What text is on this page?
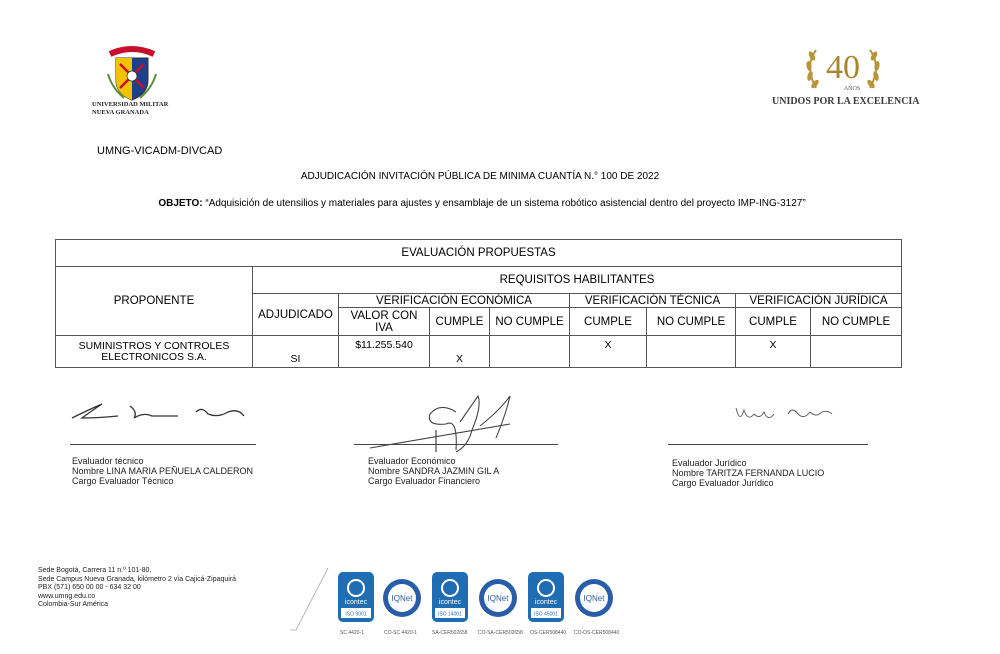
UNIVERSIDAD MILITAR
NUEVA GRANADA
40
AÑOS
UNIDOS POR LA EXCELENCIA
UMNG-VICADM-DIVCAD
ADJUDICACIÓN INVITACIÓN PÚBLICA DE MINIMA CUANTÍA N.° 100 DE 2022
OBJETO: “Adquisición de utensilios y materiales para ajustes y ensamblaje de un sistema robótico asistencial dentro del proyecto IMP-ING-3127”
EVALUACIÓN PROPUESTAS								
PROPONENTE	REQUISITOS HABILITANTES							
	ADJUDICADO	VERIFICACIÓN ECONÓMICA			VERIFICACIÓN TÉCNICA		VERIFICACIÓN JURÍDICA	
		VALOR CON IVA	CUMPLE	NO CUMPLE	CUMPLE	NO CUMPLE	CUMPLE	NO CUMPLE
SUMINISTROS Y CONTROLES ELECTRONICOS S.A.	SI	$11.255.540	X		X		X	
Evaluador técnico
Nombre LINA MARIA PEÑUELA CALDERON
Cargo Evaluador Técnico
Evaluador Económico
Nombre SANDRA JAZMIN GIL A
Cargo Evaluador Financiero
Evaluador Jurídico
Nombre TARITZA FERNANDA LUCIO
Cargo Evaluador Jurídico
Sede Bogotá, Carrera 11 n.º 101-80,
Sede Campus Nueva Granada, kilómetro 2 vía Cajicá-Zipaquirá
PBX (571) 650 00 00 - 634 32 00
www.umng.edu.co
Colombia-Sur América	icontec
ISO 9001
IQNet	icontec
ISO 14001
IQNet	icontec
ISO 45001
IQNet
SC 4420-1	CO-SC 4420-1	SA-CER502658 CO-SA-CER502658 OS-CER508440 CO-OS-CER508440
